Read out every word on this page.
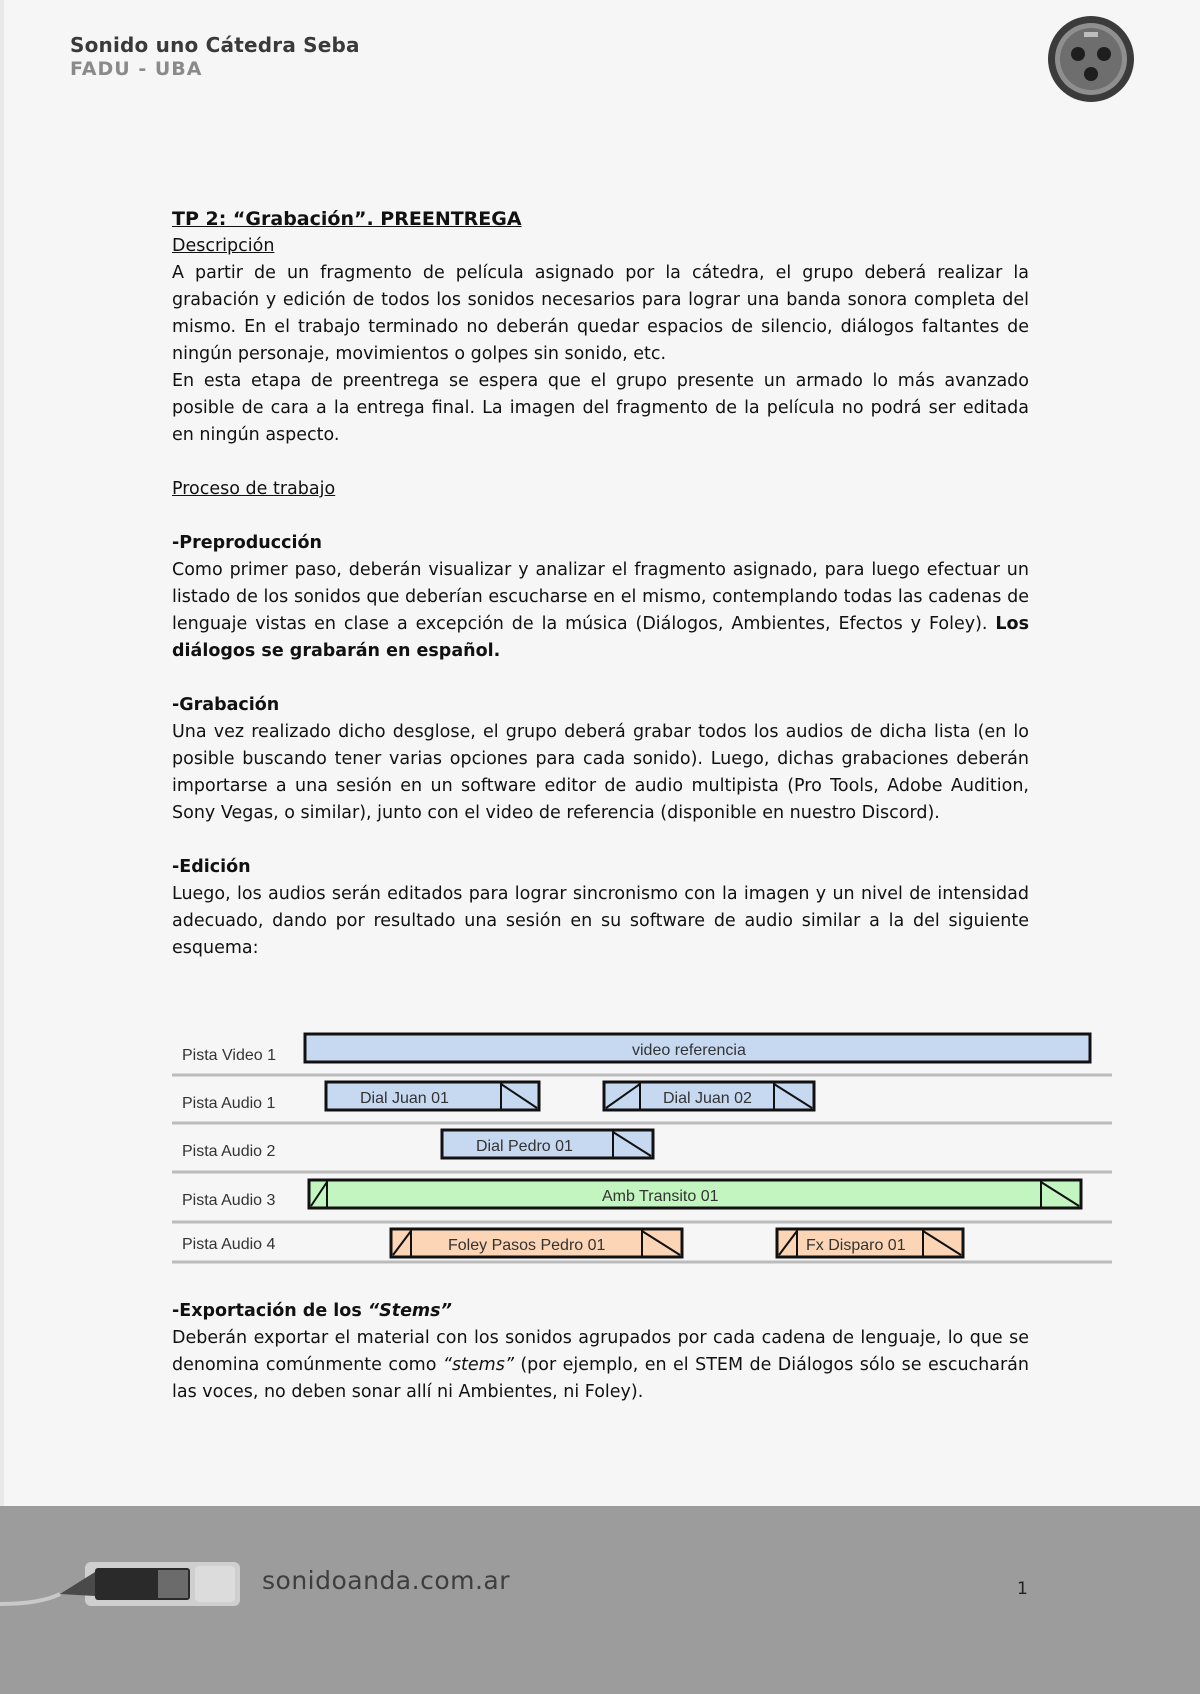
Sonido uno Cátedra Seba
FADU - UBA

TP 2: “Grabación”. PREENTREGA

Descripción

A partir de un fragmento de película asignado por la cátedra, el grupo deberá realizar la grabación y edición de todos los sonidos necesarios para lograr una banda sonora completa del mismo. En el trabajo terminado no deberán quedar espacios de silencio, diálogos faltantes de ningún personaje, movimientos o golpes sin sonido, etc.

En esta etapa de preentrega se espera que el grupo presente un armado lo más avanzado posible de cara a la entrega final. La imagen del fragmento de la película no podrá ser editada en ningún aspecto.

Proceso de trabajo

-Preproducción

Como primer paso, deberán visualizar y analizar el fragmento asignado, para luego efectuar un listado de los sonidos que deberían escucharse en el mismo, contemplando todas las cadenas de lenguaje vistas en clase a excepción de la música (Diálogos, Ambientes, Efectos y Foley). Los diálogos se grabarán en español.

-Grabación

Una vez realizado dicho desglose, el grupo deberá grabar todos los audios de dicha lista (en lo posible buscando tener varias opciones para cada sonido). Luego, dichas grabaciones deberán importarse a una sesión en un software editor de audio multipista (Pro Tools, Adobe Audition, Sony Vegas, o similar), junto con el video de referencia (disponible en nuestro Discord).

-Edición

Luego, los audios serán editados para lograr sincronismo con la imagen y un nivel de intensidad adecuado, dando por resultado una sesión en su software de audio similar a la del siguiente esquema:

Pista Video 1	video referencia
Pista Audio 1	Dial Juan 01	Dial Juan 02
Pista Audio 2	Dial Pedro 01
Pista Audio 3	Amb Transito 01
Pista Audio 4	Foley Pasos Pedro 01	Fx Disparo 01

-Exportación de los “Stems”

Deberán exportar el material con los sonidos agrupados por cada cadena de lenguaje, lo que se denomina comúnmente como “stems” (por ejemplo, en el STEM de Diálogos sólo se escucharán las voces, no deben sonar allí ni Ambientes, ni Foley).

sonidoanda.com.ar	1
